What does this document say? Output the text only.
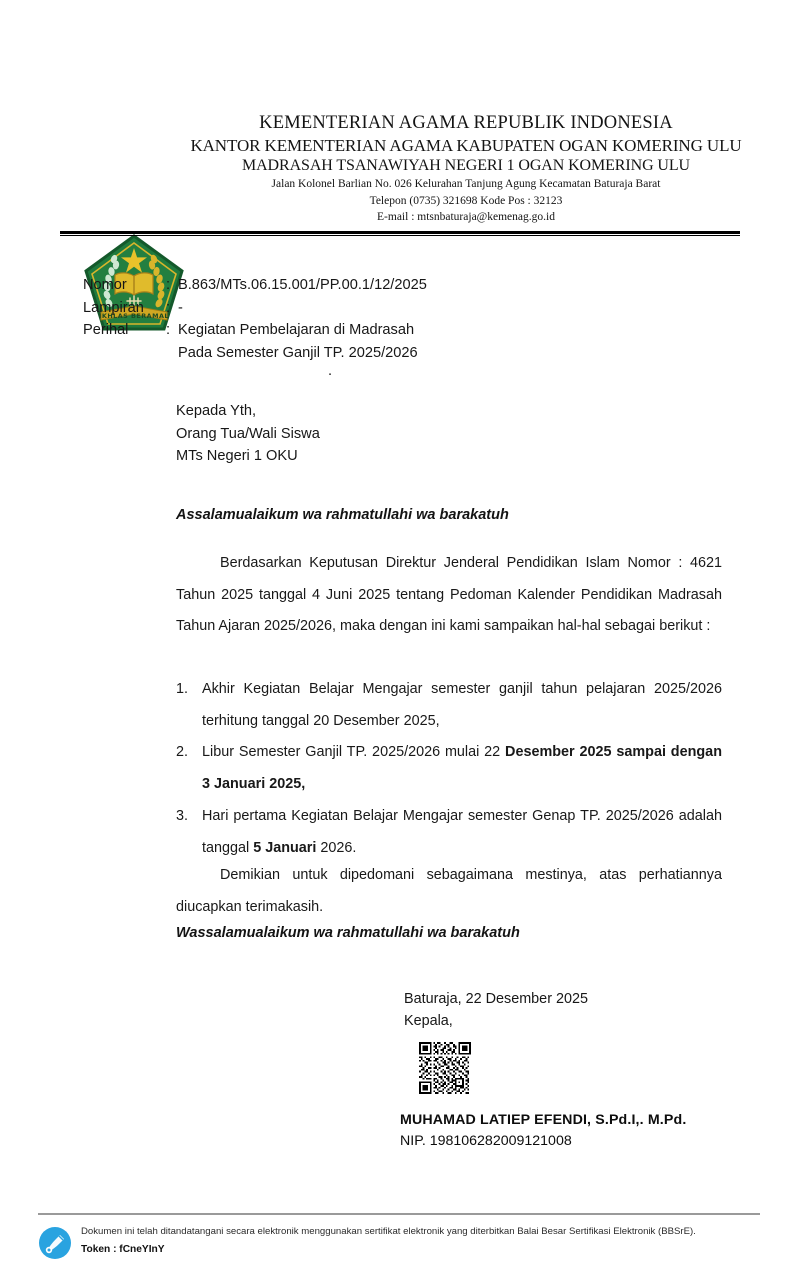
IKHLAS BERAMAL
KEMENTERIAN AGAMA REPUBLIK INDONESIA
KANTOR KEMENTERIAN AGAMA KABUPATEN OGAN KOMERING ULU
MADRASAH TSANAWIYAH NEGERI 1 OGAN KOMERING ULU
Jalan Kolonel Barlian No. 026 Kelurahan Tanjung Agung Kecamatan Baturaja Barat
Telepon (0735) 321698 Kode Pos : 32123
E-mail : mtsnbaturaja@kemenag.go.id
Nomor	: B.863/MTs.06.15.001/PP.00.1/12/2025
Lampiran	: -
Perihal	: Kegiatan Pembelajaran di Madrasah
Pada Semester Ganjil TP. 2025/2026
.
Kepada Yth,
Orang Tua/Wali Siswa
MTs Negeri 1 OKU
Assalamualaikum wa rahmatullahi wa barakatuh
Berdasarkan Keputusan Direktur Jenderal Pendidikan Islam Nomor : 4621 Tahun 2025 tanggal 4 Juni 2025 tentang Pedoman Kalender Pendidikan Madrasah Tahun Ajaran 2025/2026, maka dengan ini kami sampaikan hal-hal sebagai berikut :
1. Akhir Kegiatan Belajar Mengajar semester ganjil tahun pelajaran 2025/2026 terhitung tanggal 20 Desember 2025,
2. Libur Semester Ganjil TP. 2025/2026 mulai 22 Desember 2025 sampai dengan 3 Januari 2025,
3. Hari pertama Kegiatan Belajar Mengajar semester Genap TP. 2025/2026 adalah tanggal 5 Januari 2026.
Demikian untuk dipedomani sebagaimana mestinya, atas perhatiannya diucapkan terimakasih.
Wassalamualaikum wa rahmatullahi wa barakatuh
Baturaja, 22 Desember 2025
Kepala,
MUHAMAD LATIEP EFENDI, S.Pd.I,. M.Pd.
NIP. 198106282009121008
Dokumen ini telah ditandatangani secara elektronik menggunakan sertifikat elektronik yang diterbitkan Balai Besar Sertifikasi Elektronik (BBSrE).
Token : fCneYInY
